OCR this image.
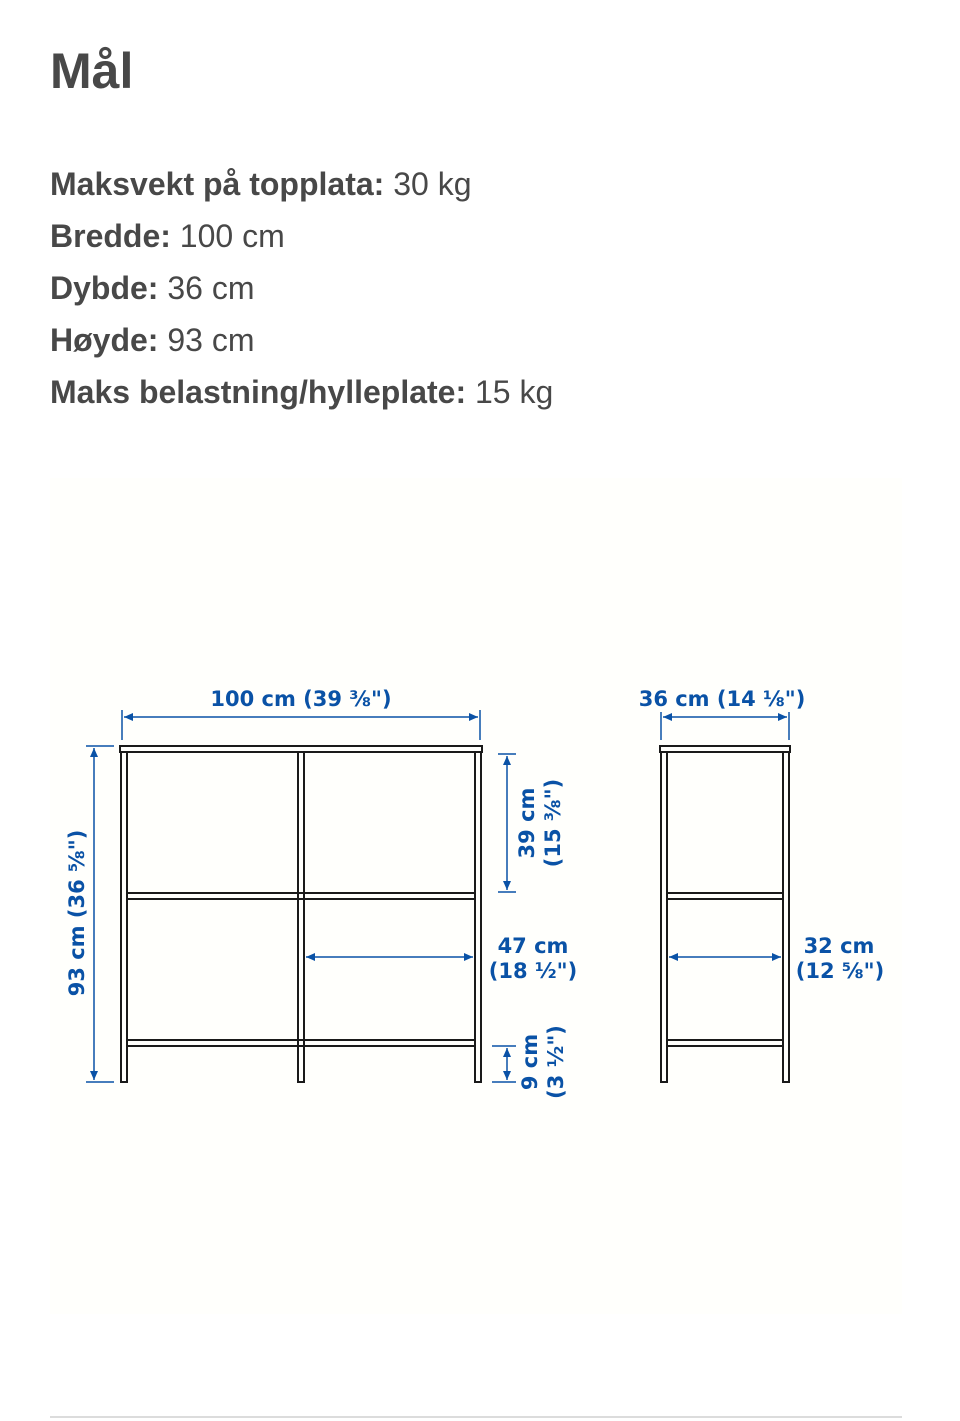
Mål
Maksvekt på topplata: 30 kg
Bredde: 100 cm
Dybde: 36 cm
Høyde: 93 cm
Maks belastning/hylleplate: 15 kg
100 cm (39 ⅜")
93 cm (36 ⅝")
39 cm (15 ⅜")
47 cm
(18 ½")
9 cm (3 ½")
36 cm (14 ⅛")
32 cm
(12 ⅝")
